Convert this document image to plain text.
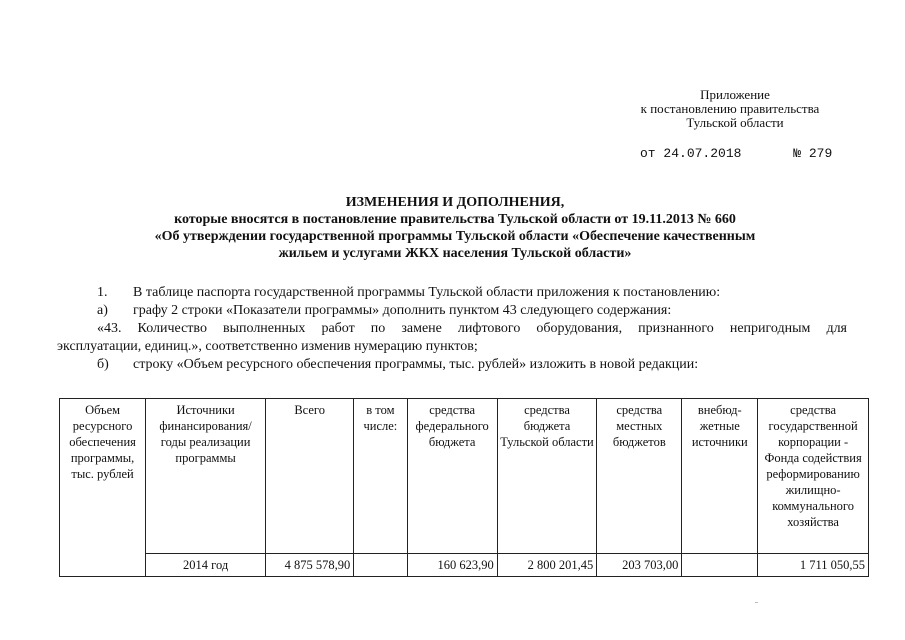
Приложение
к постановлению правительства
Тульской области
от 24.07.2018	№ 279
ИЗМЕНЕНИЯ И ДОПОЛНЕНИЯ,
которые вносятся в постановление правительства Тульской области от 19.11.2013 № 660
«Об утверждении государственной программы Тульской области «Обеспечение качественным
жильем и услугами ЖКХ населения Тульской области»
1. В таблице паспорта государственной программы Тульской области приложения к постановлению:
а) графу 2 строки «Показатели программы» дополнить пунктом 43 следующего содержания:
«43. Количество выполненных работ по замене лифтового оборудования, признанного непригодным для
эксплуатации, единиц.», соответственно изменив нумерацию пунктов;
б) строку «Объем ресурсного обеспечения программы, тыс. рублей» изложить в новой редакции:
Объем ресурсного обеспечения программы, тыс. рублей	Источники финансирования/ годы реализации программы	Всего	в том числе:	средства федерального бюджета	средства бюджета Тульской области	средства местных бюджетов	внебюд-жетные источники	средства государственной корпорации - Фонда содействия реформированию жилищно-коммунального хозяйства
	2014 год	4 875 578,90		160 623,90	2 800 201,45	203 703,00		1 711 050,55
